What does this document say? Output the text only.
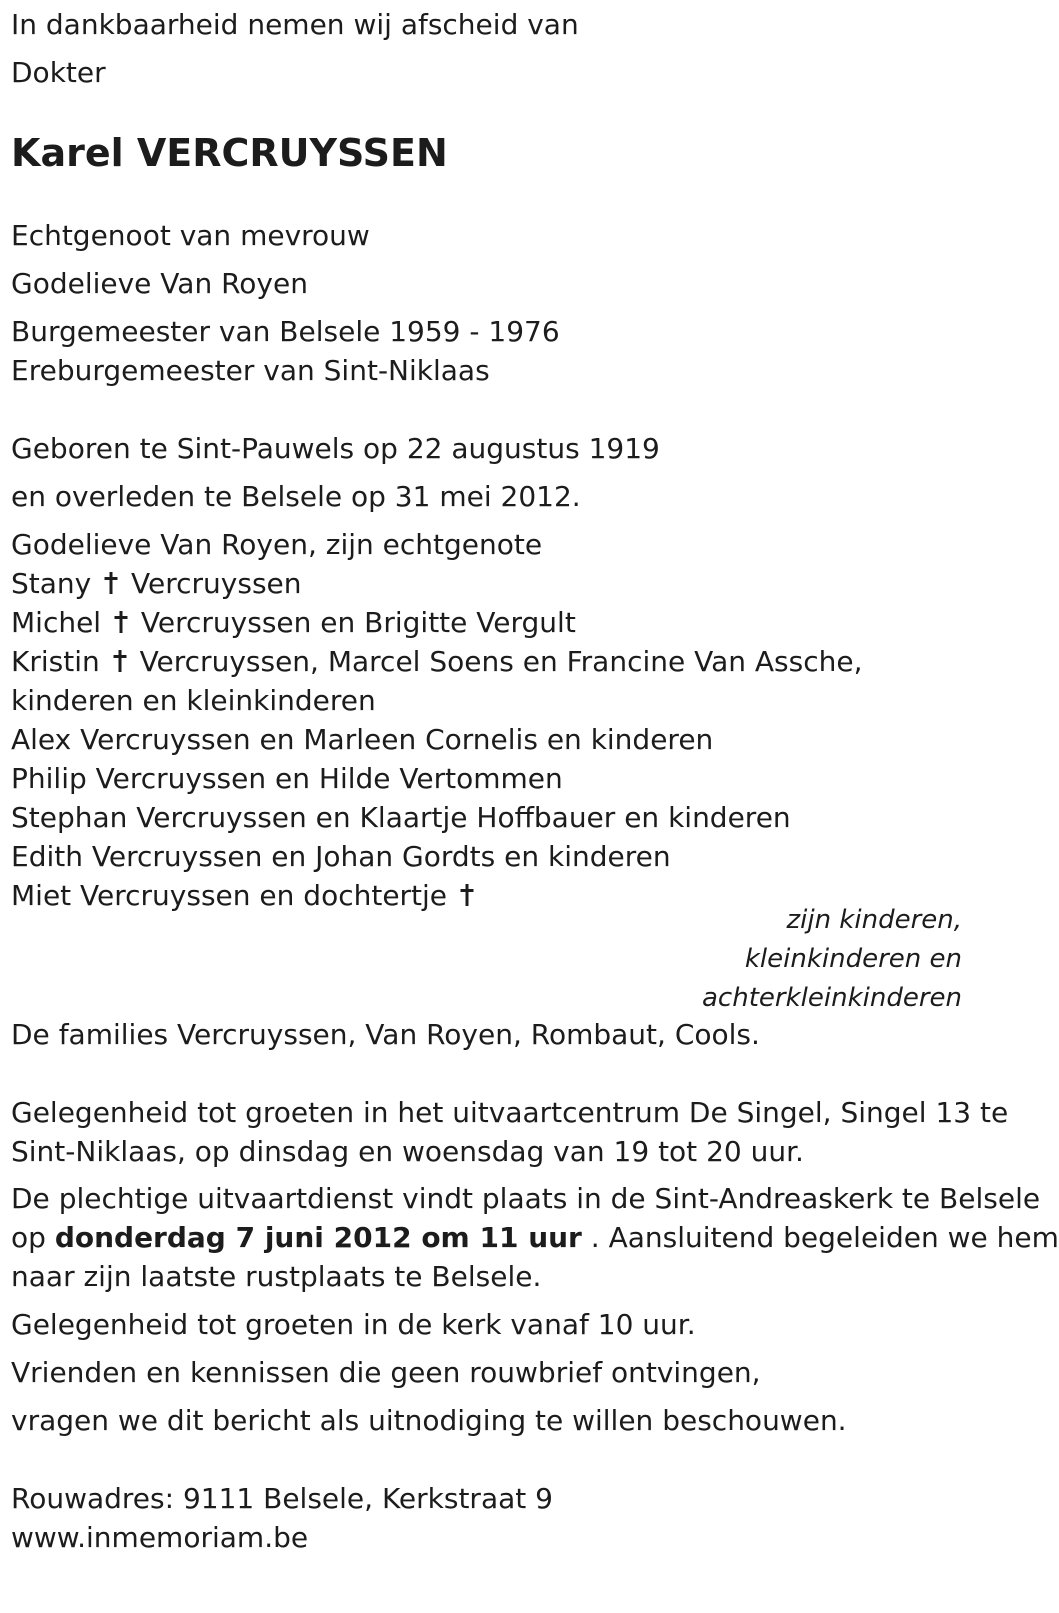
In dankbaarheid nemen wij afscheid van
Dokter
Karel VERCRUYSSEN
Echtgenoot van mevrouw
Godelieve Van Royen
Burgemeester van Belsele 1959 - 1976
Ereburgemeester van Sint-Niklaas
Geboren te Sint-Pauwels op 22 augustus 1919
en overleden te Belsele op 31 mei 2012.
Godelieve Van Royen, zijn echtgenote
Stany Vercruyssen
Michel Vercruyssen en Brigitte Vergult
Kristin Vercruyssen, Marcel Soens en Francine Van Assche,
kinderen en kleinkinderen
Alex Vercruyssen en Marleen Cornelis en kinderen
Philip Vercruyssen en Hilde Vertommen
Stephan Vercruyssen en Klaartje Hoffbauer en kinderen
Edith Vercruyssen en Johan Gordts en kinderen
Miet Vercruyssen en dochtertje
zijn kinderen,
kleinkinderen en
achterkleinkinderen
De families Vercruyssen, Van Royen, Rombaut, Cools.
Gelegenheid tot groeten in het uitvaartcentrum De Singel, Singel 13 te
Sint-Niklaas, op dinsdag en woensdag van 19 tot 20 uur.
De plechtige uitvaartdienst vindt plaats in de Sint-Andreaskerk te Belsele
op donderdag 7 juni 2012 om 11 uur . Aansluitend begeleiden we hem
naar zijn laatste rustplaats te Belsele.
Gelegenheid tot groeten in de kerk vanaf 10 uur.
Vrienden en kennissen die geen rouwbrief ontvingen,
vragen we dit bericht als uitnodiging te willen beschouwen.
Rouwadres: 9111 Belsele, Kerkstraat 9
www.inmemoriam.be
